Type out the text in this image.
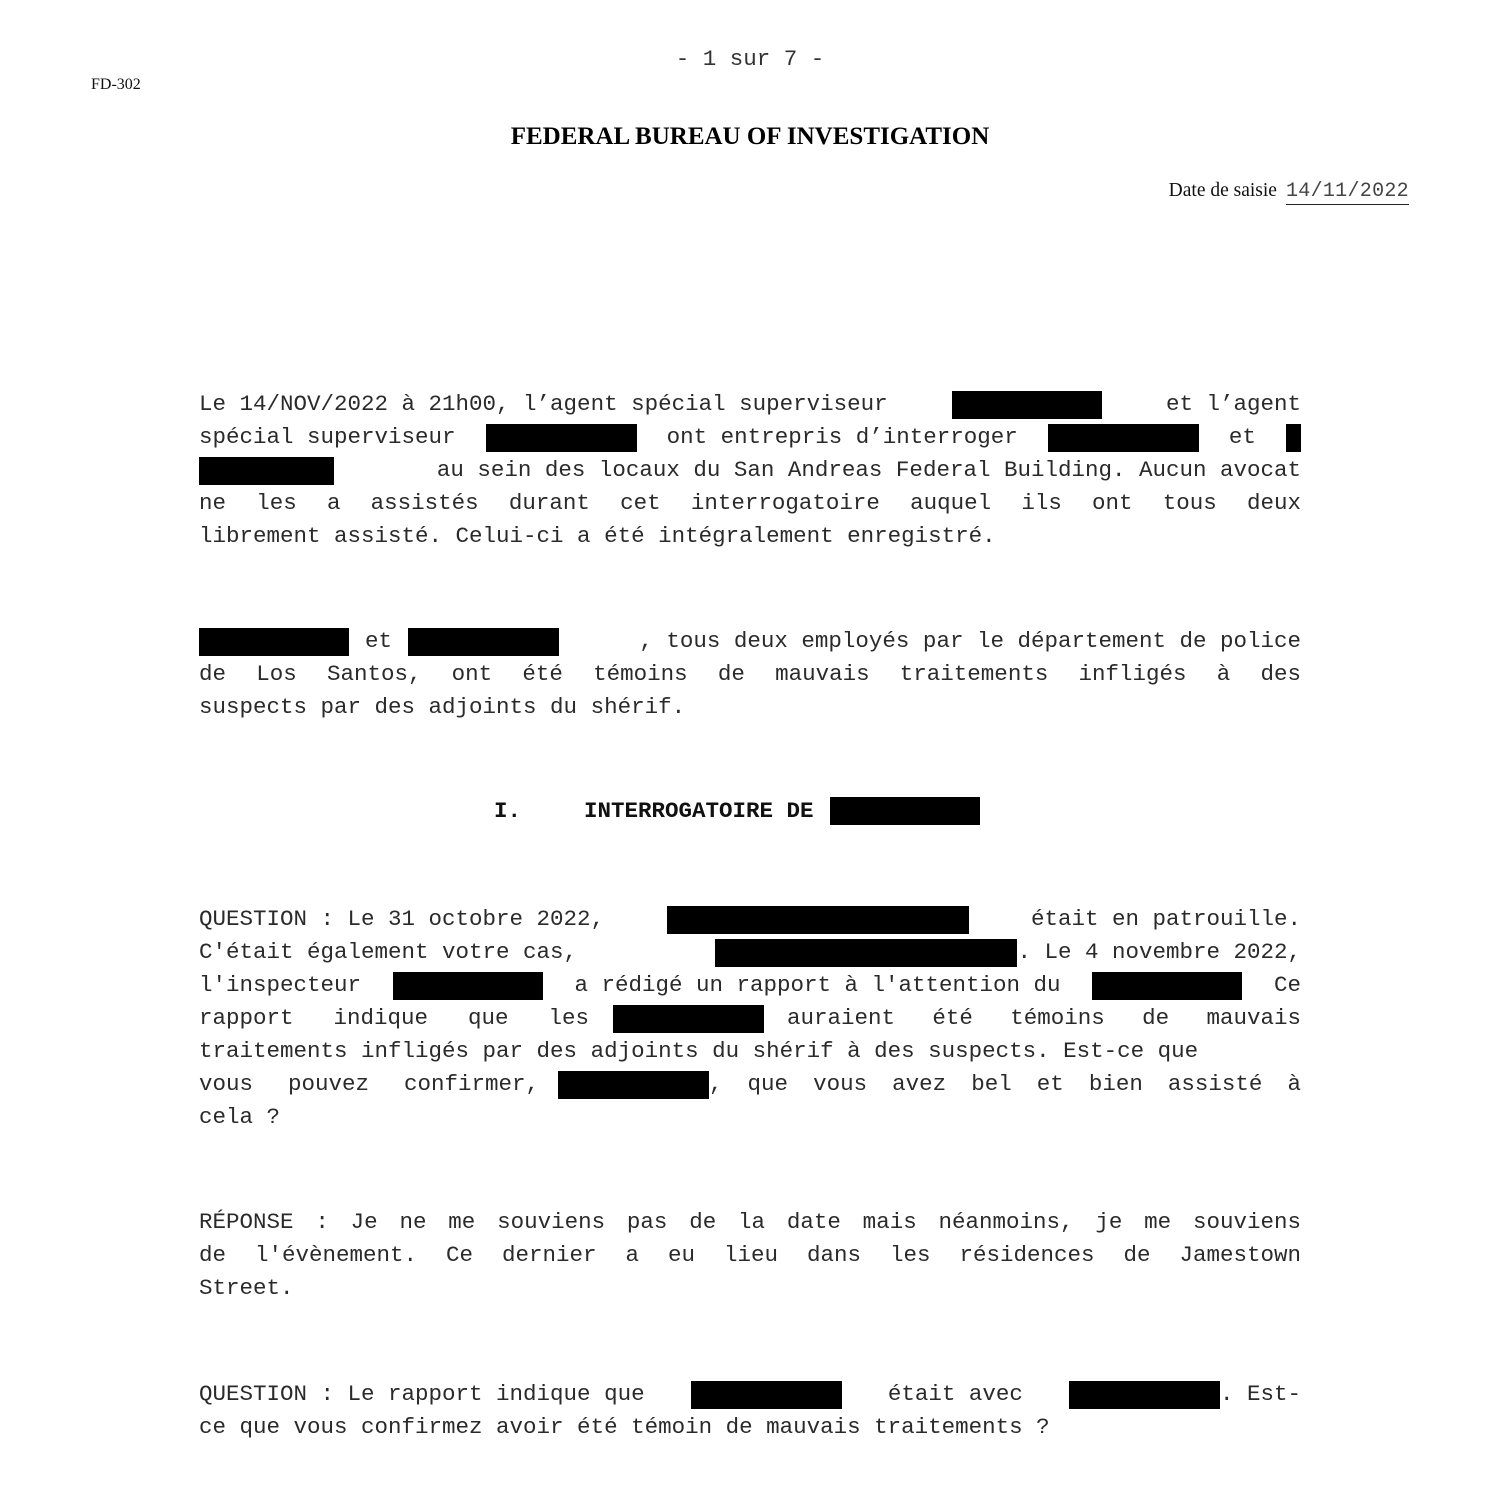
- 1 sur 7 -
FD-302
FEDERAL BUREAU OF INVESTIGATION
Date de saisie 14/11/2022
Le 14/NOV/2022 à 21h00, l’agent spécial superviseur	et l’agent
spécial superviseur	ont entrepris d’interroger	et
au sein des locaux du San Andreas Federal Building. Aucun avocat
ne les a assistés durant cet interrogatoire auquel ils ont tous deux
librement assisté. Celui-ci a été intégralement enregistré.
et	, tous deux employés par le département de police
de Los Santos, ont été témoins de mauvais traitements infligés à des
suspects par des adjoints du shérif.
I.	INTERROGATOIRE DE
QUESTION : Le 31 octobre 2022,	était en patrouille.
C'était également votre cas,	. Le 4 novembre 2022,
l'inspecteur	a rédigé un rapport à l'attention du	Ce
rapport indique que les	auraient été témoins de mauvais
traitements infligés par des adjoints du shérif à des suspects. Est-ce que
vous pouvez confirmer,	, que vous avez bel et bien assisté à
cela ?
RÉPONSE : Je ne me souviens pas de la date mais néanmoins, je me souviens
de l'évènement. Ce dernier a eu lieu dans les résidences de Jamestown
Street.
QUESTION : Le rapport indique que	était avec	. Est-
ce que vous confirmez avoir été témoin de mauvais traitements ?
